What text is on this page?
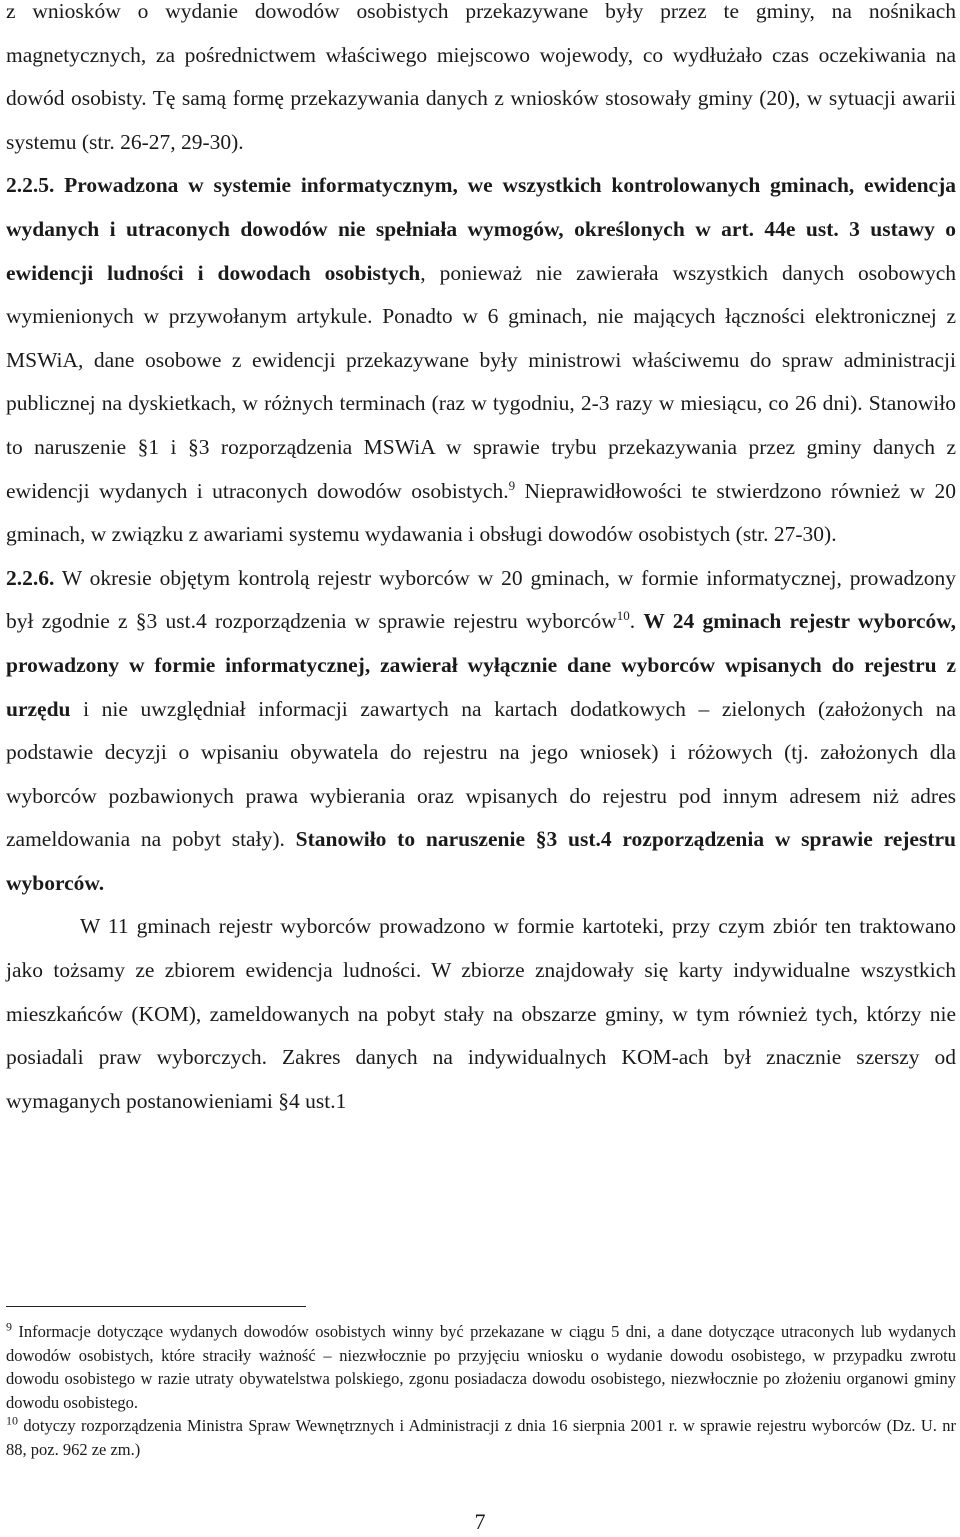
z wniosków o wydanie dowodów osobistych przekazywane były przez te gminy, na nośnikach magnetycznych, za pośrednictwem właściwego miejscowo wojewody, co wydłużało czas oczekiwania na dowód osobisty. Tę samą formę przekazywania danych z wniosków stosowały gminy (20), w sytuacji awarii systemu (str. 26-27, 29-30).

2.2.5. Prowadzona w systemie informatycznym, we wszystkich kontrolowanych gminach, ewidencja wydanych i utraconych dowodów nie spełniała wymogów, określonych w art. 44e ust. 3 ustawy o ewidencji ludności i dowodach osobistych, ponieważ nie zawierała wszystkich danych osobowych wymienionych w przywołanym artykule. Ponadto w 6 gminach, nie mających łączności elektronicznej z MSWiA, dane osobowe z ewidencji przekazywane były ministrowi właściwemu do spraw administracji publicznej na dyskietkach, w różnych terminach (raz w tygodniu, 2-3 razy w miesiącu, co 26 dni). Stanowiło to naruszenie §1 i §3 rozporządzenia MSWiA w sprawie trybu przekazywania przez gminy danych z ewidencji wydanych i utraconych dowodów osobistych.$^9$ Nieprawidłowości te stwierdzono również w 20 gminach, w związku z awariami systemu wydawania i obsługi dowodów osobistych (str. 27-30).

2.2.6. W okresie objętym kontrolą rejestr wyborców w 20 gminach, w formie informatycznej, prowadzony był zgodnie z §3 ust.4 rozporządzenia w sprawie rejestru wyborców$^{10}$. W 24 gminach rejestr wyborców, prowadzony w formie informatycznej, zawierał wyłącznie dane wyborców wpisanych do rejestru z urzędu i nie uwzględniał informacji zawartych na kartach dodatkowych – zielonych (założonych na podstawie decyzji o wpisaniu obywatela do rejestru na jego wniosek) i różowych (tj. założonych dla wyborców pozbawionych prawa wybierania oraz wpisanych do rejestru pod innym adresem niż adres zameldowania na pobyt stały). Stanowiło to naruszenie §3 ust.4 rozporządzenia w sprawie rejestru wyborców.

W 11 gminach rejestr wyborców prowadzono w formie kartoteki, przy czym zbiór ten traktowano jako tożsamy ze zbiorem ewidencja ludności. W zbiorze znajdowały się karty indywidualne wszystkich mieszkańców (KOM), zameldowanych na pobyt stały na obszarze gminy, w tym również tych, którzy nie posiadali praw wyborczych. Zakres danych na indywidualnych KOM-ach był znacznie szerszy od wymaganych postanowieniami §4 ust.1

$^9$ Informacje dotyczące wydanych dowodów osobistych winny być przekazane w ciągu 5 dni, a dane dotyczące utraconych lub wydanych dowodów osobistych, które straciły ważność – niezwłocznie po przyjęciu wniosku o wydanie dowodu osobistego, w przypadku zwrotu dowodu osobistego w razie utraty obywatelstwa polskiego, zgonu posiadacza dowodu osobistego, niezwłocznie po złożeniu organowi gminy dowodu osobistego.

$^{10}$ dotyczy rozporządzenia Ministra Spraw Wewnętrznych i Administracji z dnia 16 sierpnia 2001 r. w sprawie rejestru wyborców (Dz. U. nr 88, poz. 962 ze zm.)

7
